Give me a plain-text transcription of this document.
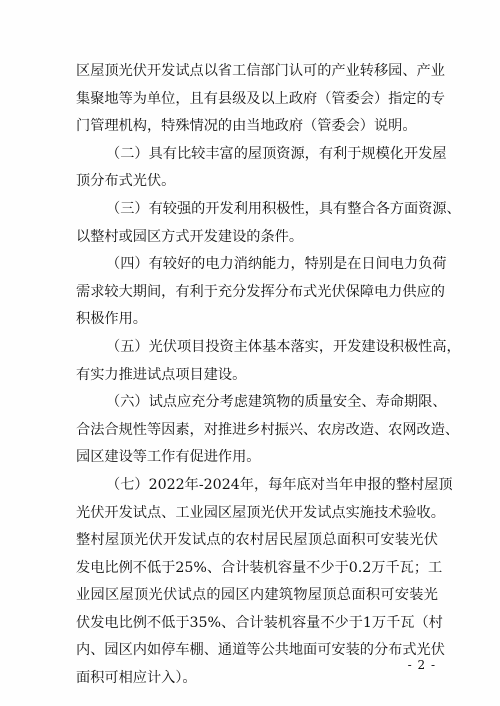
区屋顶光伏开发试点以省工信部门认可的产业转移园、产业
集聚地等为单位，且有县级及以上政府（管委会）指定的专
门管理机构，特殊情况的由当地政府（管委会）说明。
（二）具有比较丰富的屋顶资源，有利于规模化开发屋
顶分布式光伏。
（三）有较强的开发利用积极性，具有整合各方面资源、
以整村或园区方式开发建设的条件。
（四）有较好的电力消纳能力，特别是在日间电力负荷
需求较大期间，有利于充分发挥分布式光伏保障电力供应的
积极作用。
（五）光伏项目投资主体基本落实，开发建设积极性高，
有实力推进试点项目建设。
（六）试点应充分考虑建筑物的质量安全、寿命期限、
合法合规性等因素，对推进乡村振兴、农房改造、农网改造、
园区建设等工作有促进作用。
（七）2022年-2024年，每年底对当年申报的整村屋顶
光伏开发试点、工业园区屋顶光伏开发试点实施技术验收。
整村屋顶光伏开发试点的农村居民屋顶总面积可安装光伏
发电比例不低于25%、合计装机容量不少于0.2万千瓦；工
业园区屋顶光伏试点的园区内建筑物屋顶总面积可安装光
伏发电比例不低于35%、合计装机容量不少于1万千瓦（村
内、园区内如停车棚、通道等公共地面可安装的分布式光伏
面积可相应计入）。
- 2 -
